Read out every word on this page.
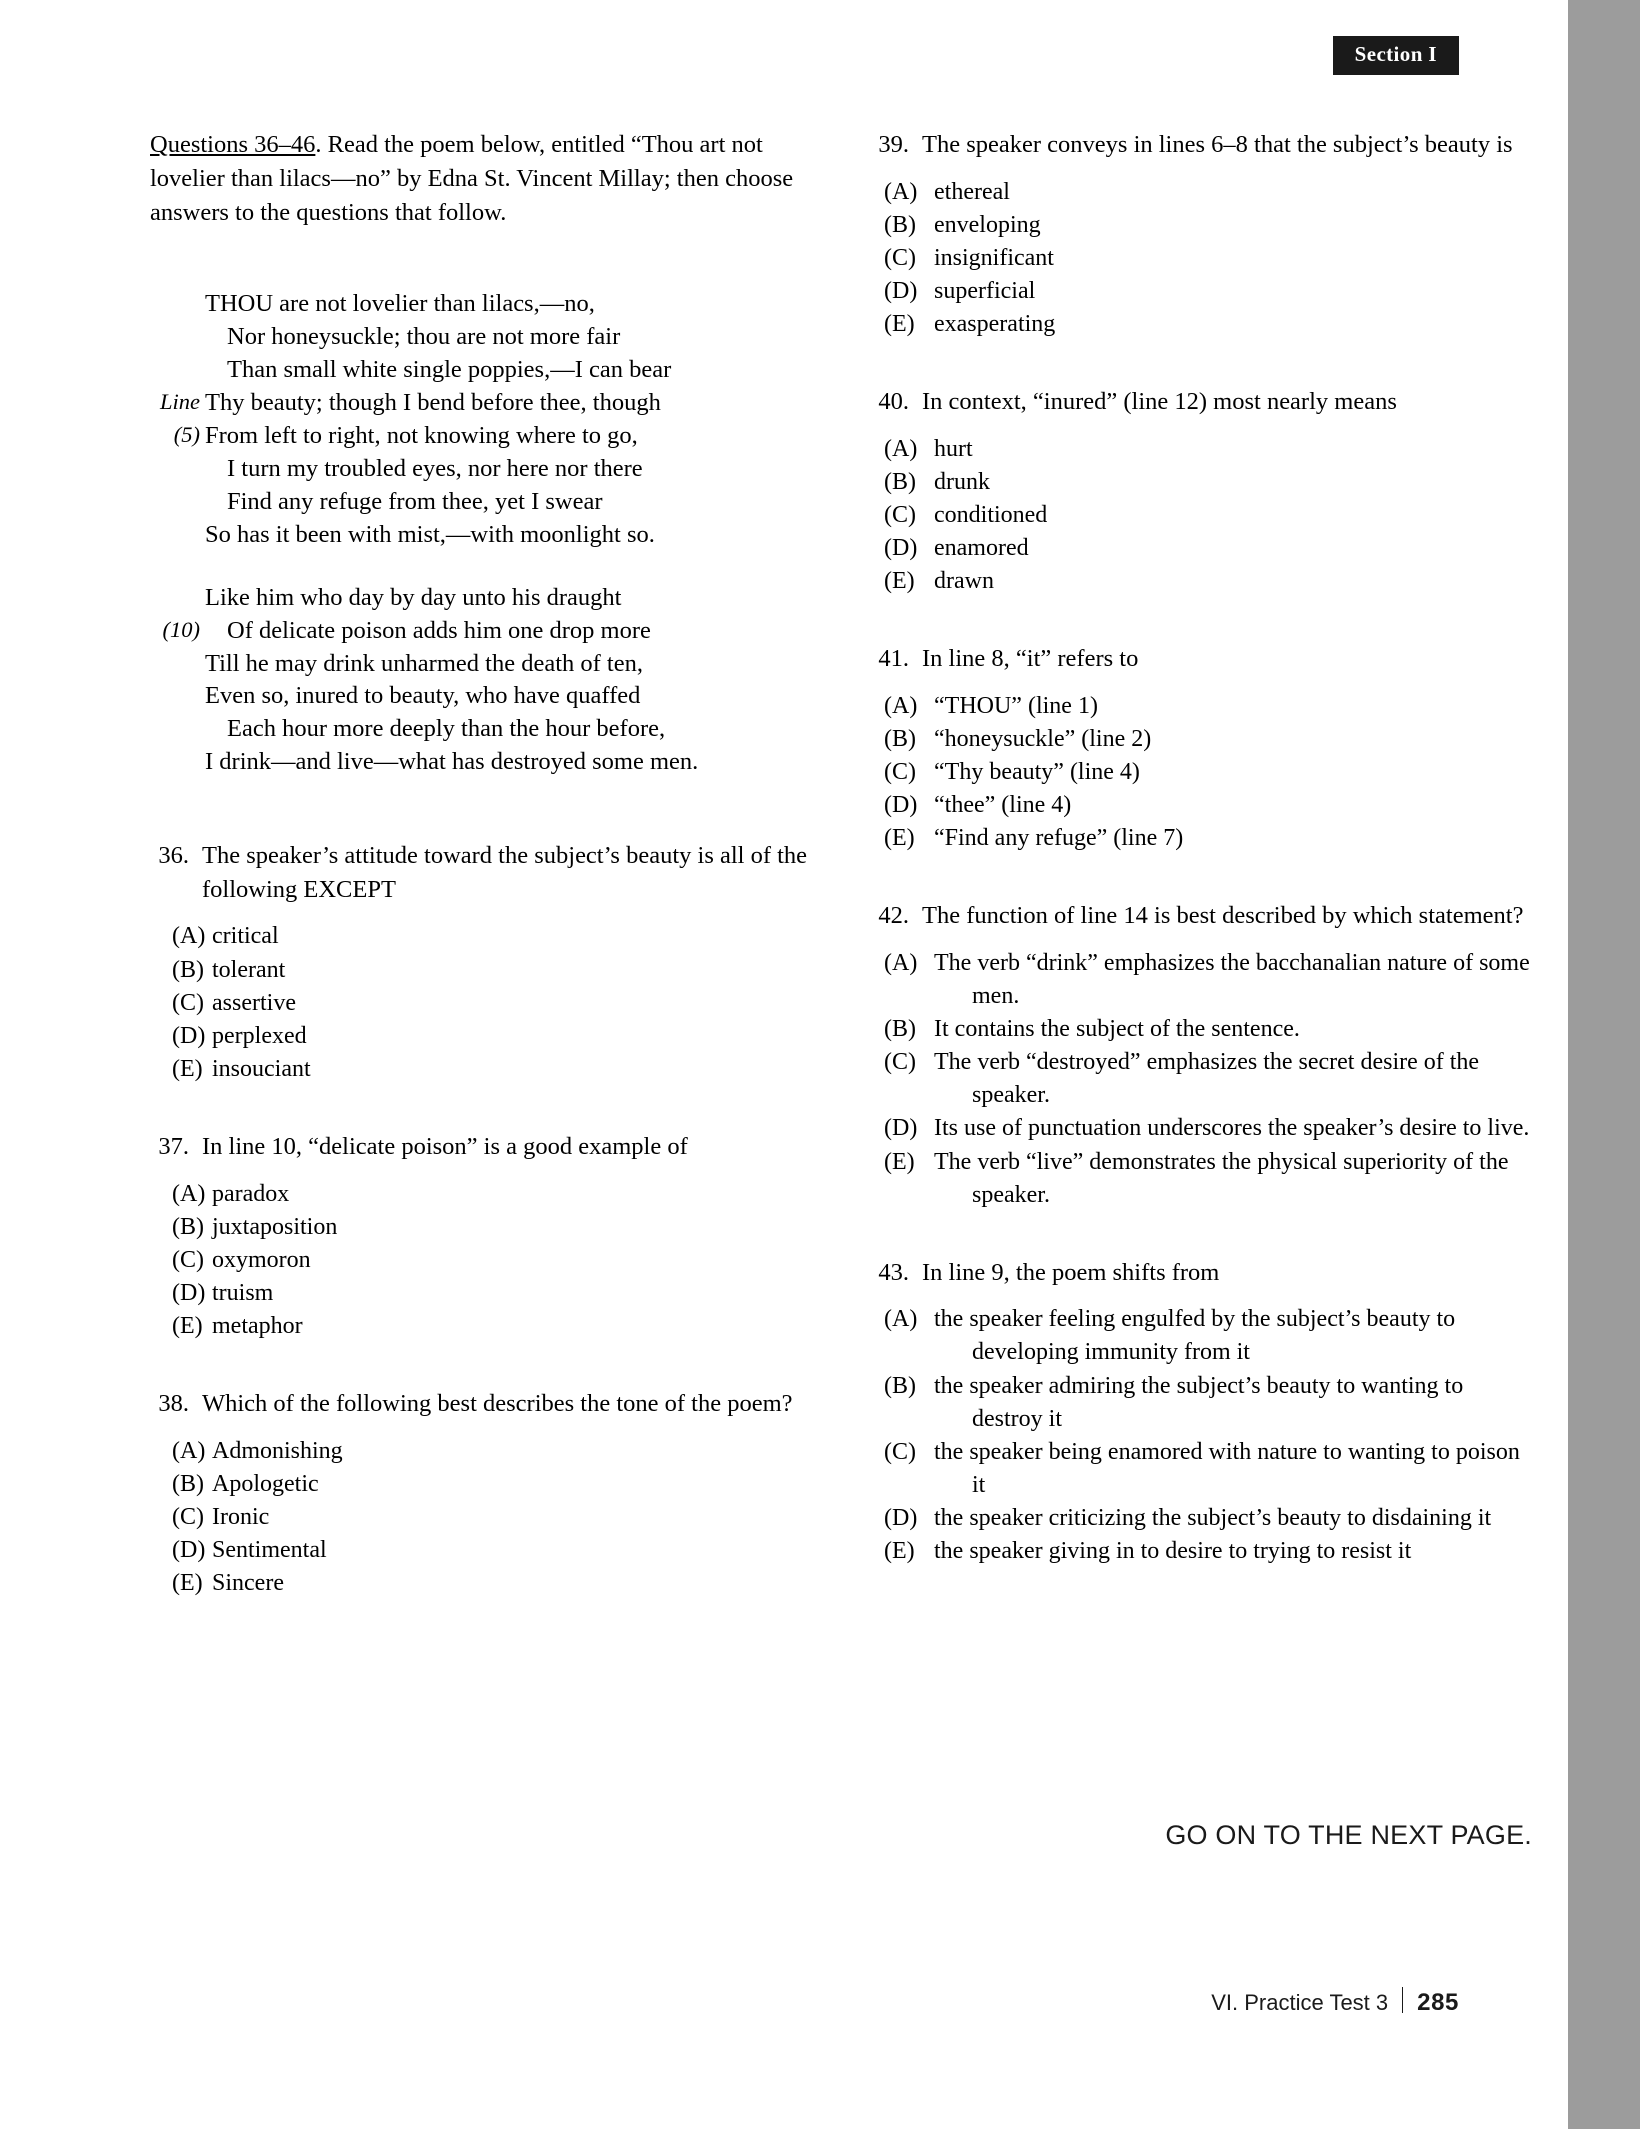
Section I

Questions 36–46. Read the poem below, entitled “Thou art not lovelier than lilacs—no” by Edna St. Vincent Millay; then choose answers to the questions that follow.

THOU are not lovelier than lilacs,—no,
Nor honeysuckle; thou are not more fair
Than small white single poppies,—I can bear
Line Thy beauty; though I bend before thee, though
(5) From left to right, not knowing where to go,
I turn my troubled eyes, nor here nor there
Find any refuge from thee, yet I swear
So has it been with mist,—with moonlight so.
Like him who day by day unto his draught
(10) Of delicate poison adds him one drop more
Till he may drink unharmed the death of ten,
Even so, inured to beauty, who have quaffed
Each hour more deeply than the hour before,
I drink—and live—what has destroyed some men.
36. The speaker’s attitude toward the subject’s beauty is all of the following EXCEPT
(A) critical
(B) tolerant
(C) assertive
(D) perplexed
(E) insouciant
37. In line 10, “delicate poison” is a good example of
(A) paradox
(B) juxtaposition
(C) oxymoron
(D) truism
(E) metaphor
38. Which of the following best describes the tone of the poem?
(A) Admonishing
(B) Apologetic
(C) Ironic
(D) Sentimental
(E) Sincere
39. The speaker conveys in lines 6–8 that the subject’s beauty is
(A) ethereal
(B) enveloping
(C) insignificant
(D) superficial
(E) exasperating
40. In context, “inured” (line 12) most nearly means
(A) hurt
(B) drunk
(C) conditioned
(D) enamored
(E) drawn
41. In line 8, “it” refers to
(A) “THOU” (line 1)
(B) “honeysuckle” (line 2)
(C) “Thy beauty” (line 4)
(D) “thee” (line 4)
(E) “Find any refuge” (line 7)
42. The function of line 14 is best described by which statement?
(A) The verb “drink” emphasizes the bacchanalian nature of some men.
(B) It contains the subject of the sentence.
(C) The verb “destroyed” emphasizes the secret desire of the speaker.
(D) Its use of punctuation underscores the speaker’s desire to live.
(E) The verb “live” demonstrates the physical superiority of the speaker.
43. In line 9, the poem shifts from
(A) the speaker feeling engulfed by the subject’s beauty to developing immunity from it
(B) the speaker admiring the subject’s beauty to wanting to destroy it
(C) the speaker being enamored with nature to wanting to poison it
(D) the speaker criticizing the subject’s beauty to disdaining it
(E) the speaker giving in to desire to trying to resist it
GO ON TO THE NEXT PAGE.
VI. Practice Test 3 285
